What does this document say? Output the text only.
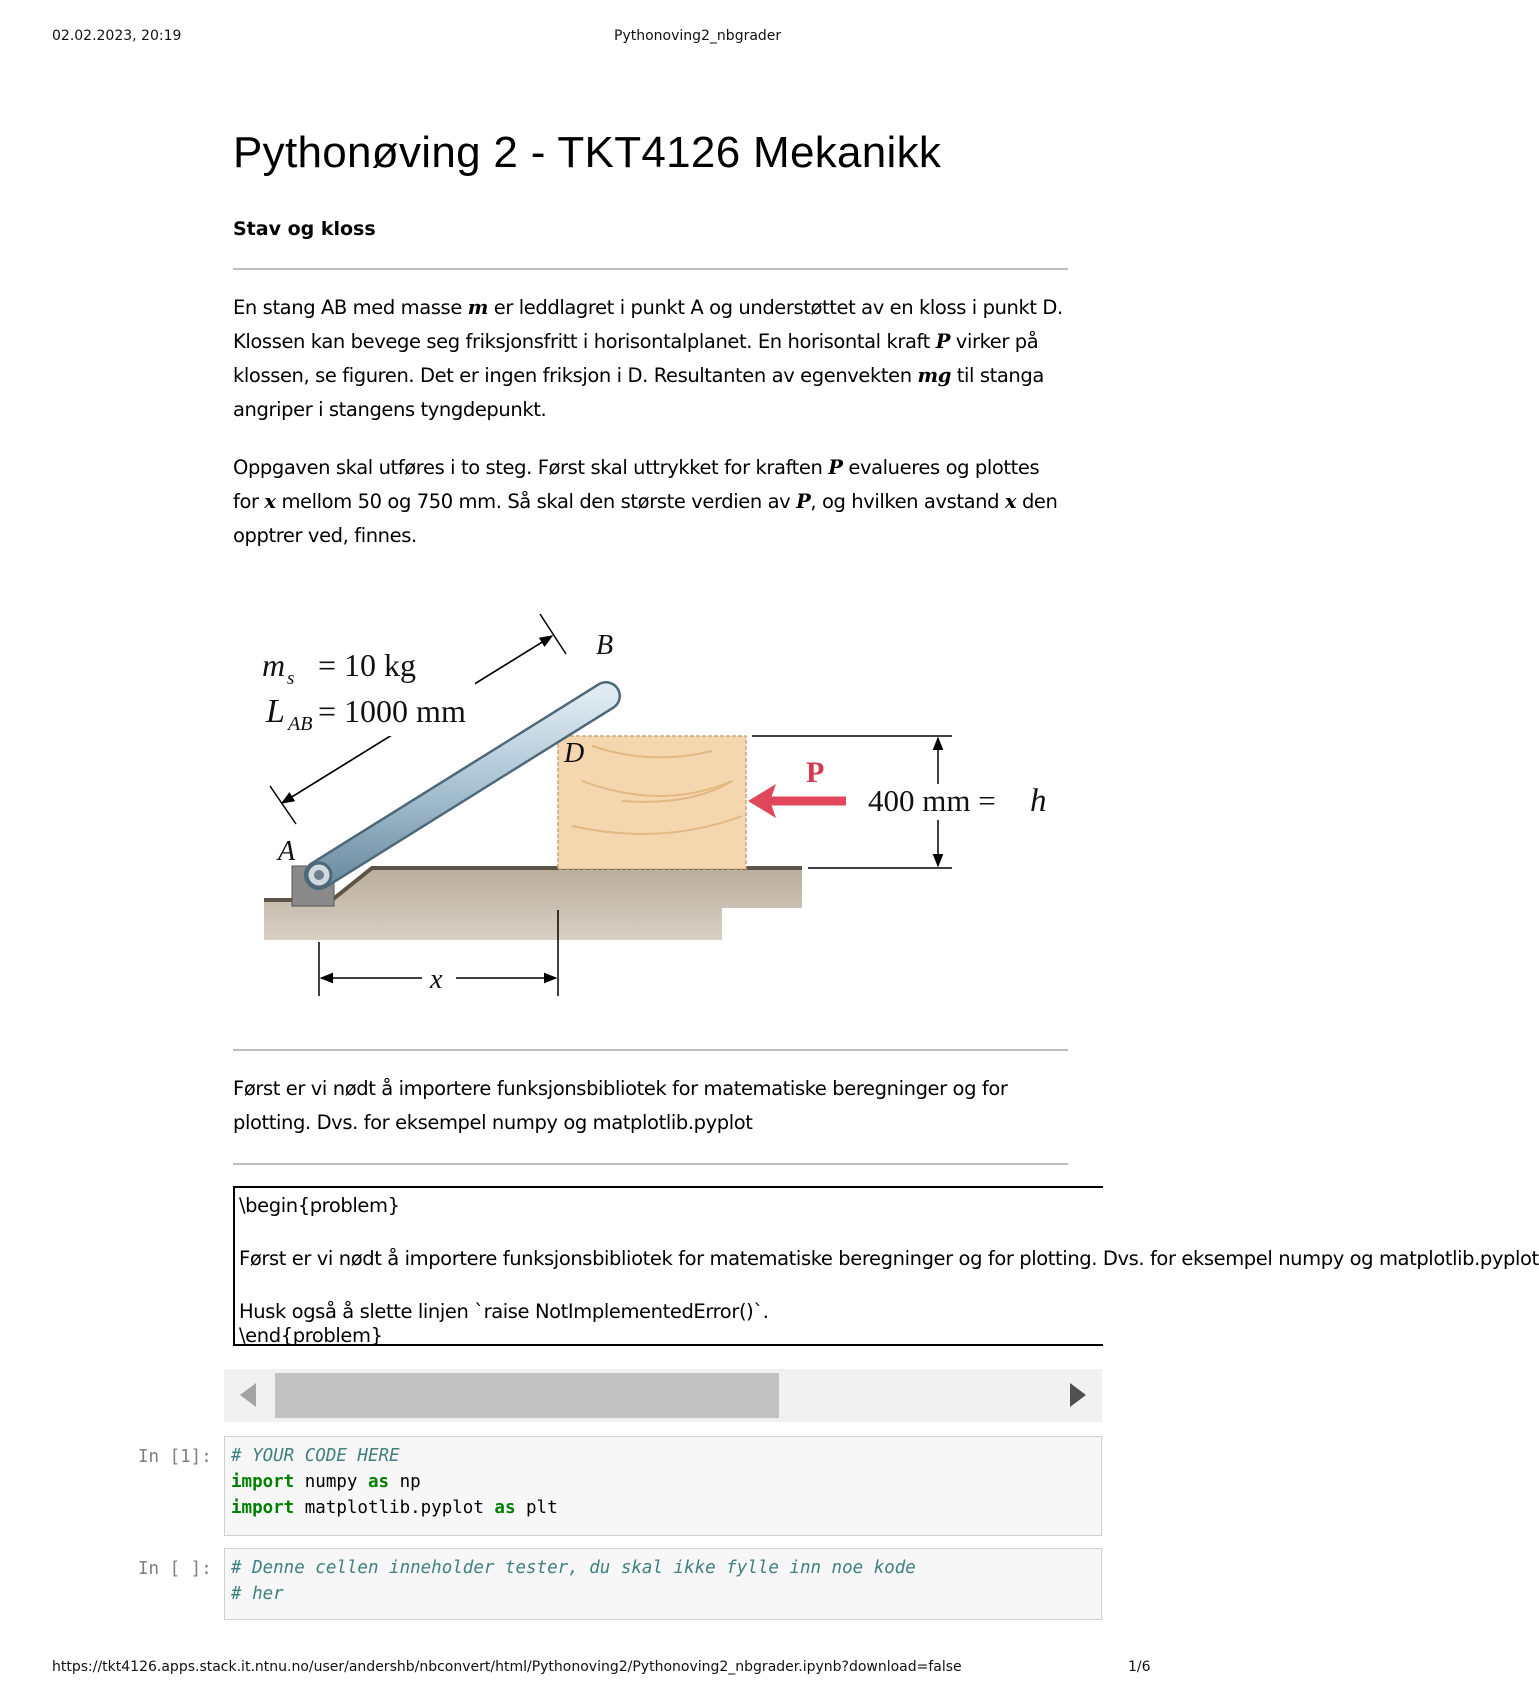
02.02.2023, 20:19	Pythonoving2_nbgrader
Pythonøving 2 - TKT4126 Mekanikk
Stav og kloss

En stang AB med masse m er leddlagret i punkt A og understøttet av en kloss i punkt D. Klossen kan bevege seg friksjonsfritt i horisontalplanet. En horisontal kraft P virker på klossen, se figuren. Det er ingen friksjon i D. Resultanten av egenvekten mg til stanga angriper i stangens tyngdepunkt.

Oppgaven skal utføres i to steg. Først skal uttrykket for kraften P evalueres og plottes for x mellom 50 og 750 mm. Så skal den største verdien av P, og hvilken avstand x den opptrer ved, finnes.

m s = 10 kg
L AB = 1000 mm
A
B
D
P
400 mm = h
x

Først er vi nødt å importere funksjonsbibliotek for matematiske beregninger og for plotting. Dvs. for eksempel numpy og matplotlib.pyplot

\begin{problem}
Først er vi nødt å importere funksjonsbibliotek for matematiske beregninger og for plotting. Dvs. for eksempel numpy og matplotlib.pyplot
Husk også å slette linjen `raise NotImplementedError()`.
\end{problem}
In [1]: # YOUR CODE HERE
import numpy as np
import matplotlib.pyplot as plt
In [ ]: # Denne cellen inneholder tester, du skal ikke fylle inn noe kode
# her
https://tkt4126.apps.stack.it.ntnu.no/user/andershb/nbconvert/html/Pythonoving2/Pythonoving2_nbgrader.ipynb?download=false	1/6
